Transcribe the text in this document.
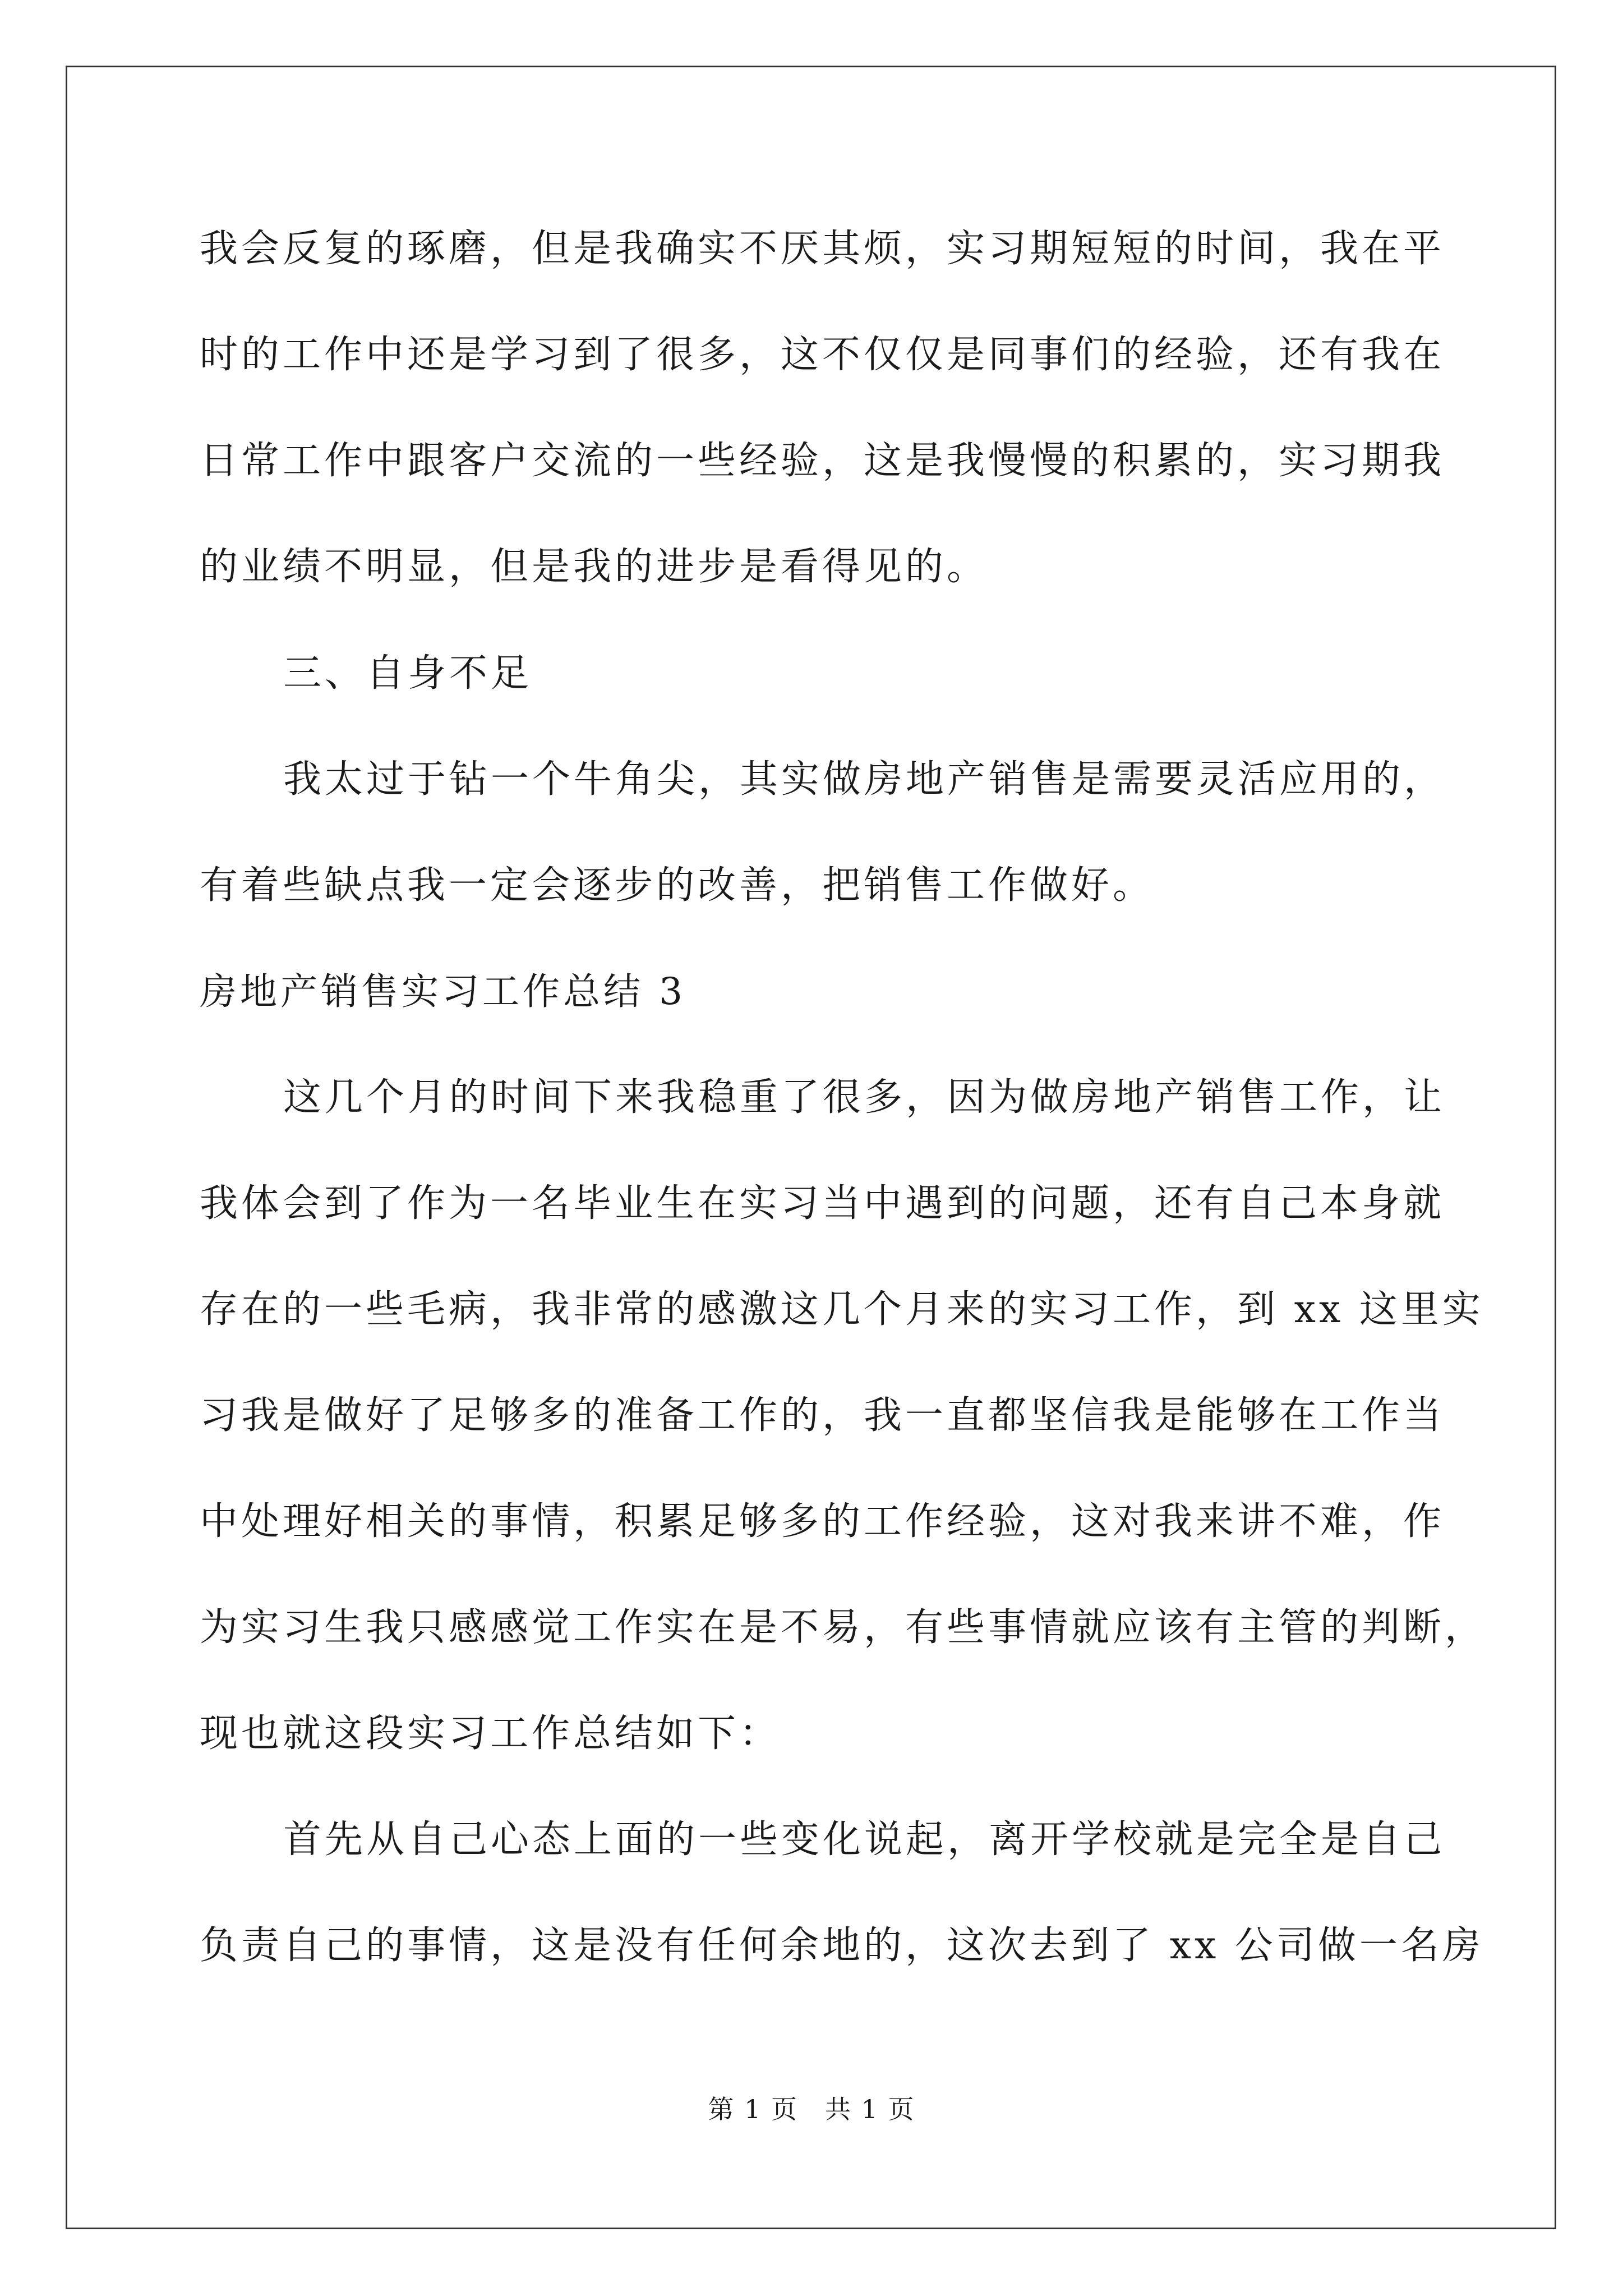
我会反复的琢磨，但是我确实不厌其烦，实习期短短的时间，我在平
时的工作中还是学习到了很多，这不仅仅是同事们的经验，还有我在
日常工作中跟客户交流的一些经验，这是我慢慢的积累的，实习期我
的业绩不明显，但是我的进步是看得见的。
三、自身不足
我太过于钻一个牛角尖，其实做房地产销售是需要灵活应用的，
有着些缺点我一定会逐步的改善，把销售工作做好。
房地产销售实习工作总结 3
这几个月的时间下来我稳重了很多，因为做房地产销售工作，让
我体会到了作为一名毕业生在实习当中遇到的问题，还有自己本身就
存在的一些毛病，我非常的感激这几个月来的实习工作，到 xx 这里实
习我是做好了足够多的准备工作的，我一直都坚信我是能够在工作当
中处理好相关的事情，积累足够多的工作经验，这对我来讲不难，作
为实习生我只感感觉工作实在是不易，有些事情就应该有主管的判断，
现也就这段实习工作总结如下：
首先从自己心态上面的一些变化说起，离开学校就是完全是自己
负责自己的事情，这是没有任何余地的，这次去到了 xx 公司做一名房
第 1 页 共 1 页
